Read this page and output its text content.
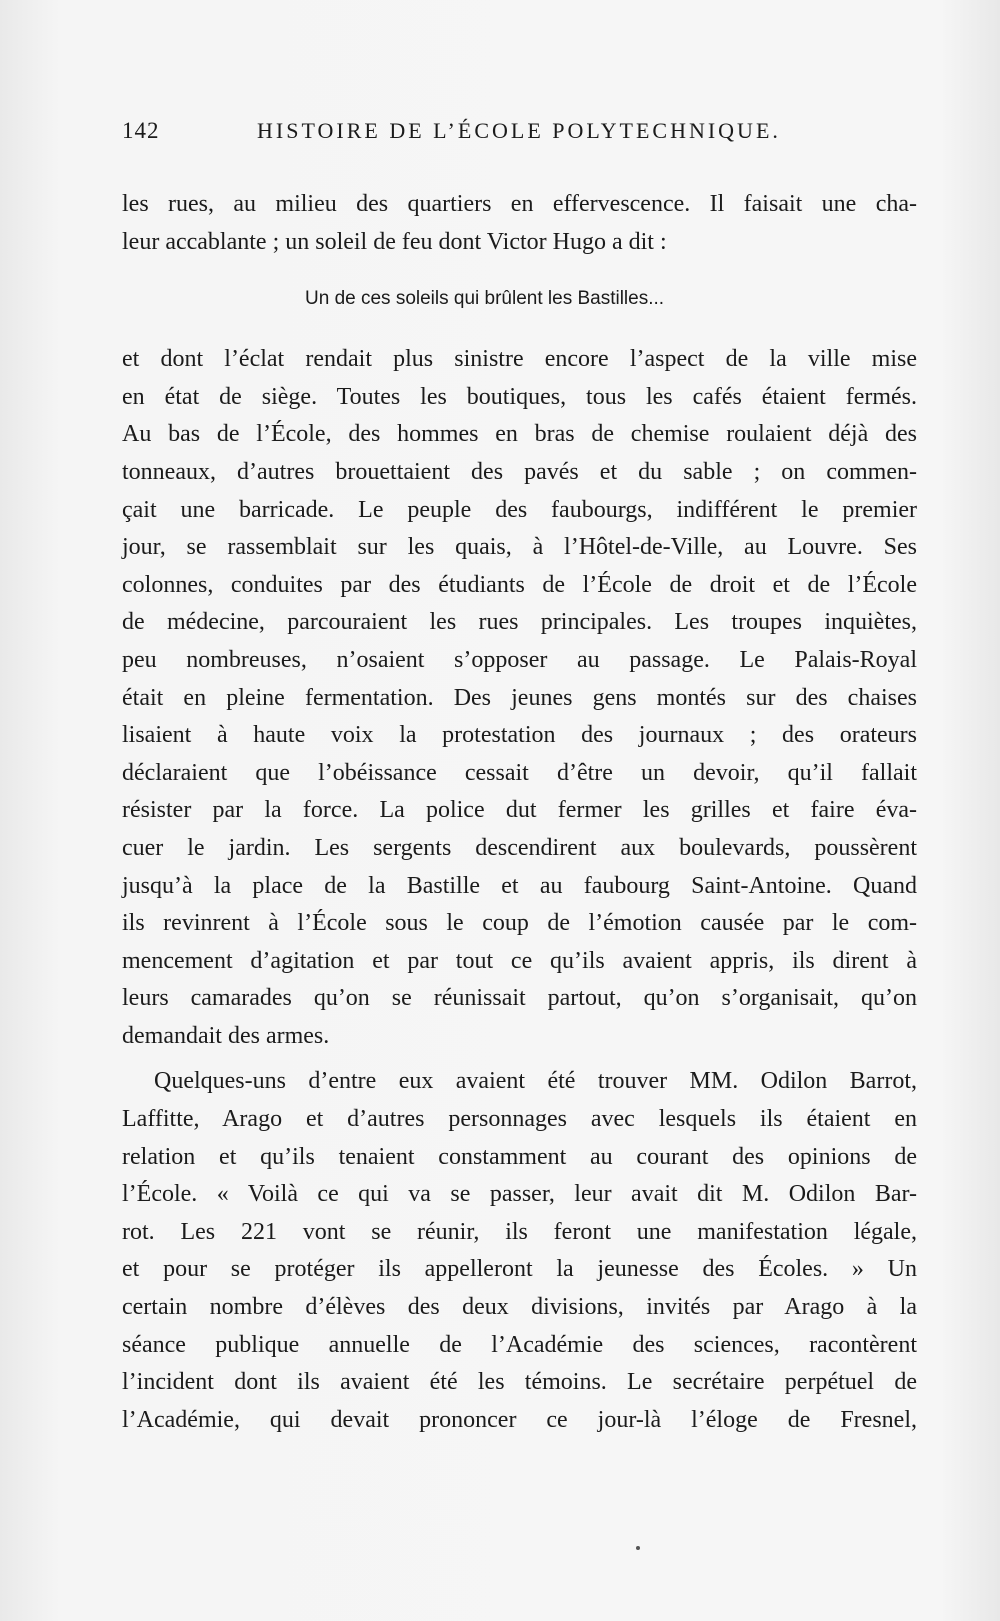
142	HISTOIRE DE L’ÉCOLE POLYTECHNIQUE.
les rues, au milieu des quartiers en effervescence. Il faisait une cha-
leur accablante ; un soleil de feu dont Victor Hugo a dit :
Un de ces soleils qui brûlent les Bastilles...
et dont l’éclat rendait plus sinistre encore l’aspect de la ville mise
en état de siège. Toutes les boutiques, tous les cafés étaient fermés.
Au bas de l’École, des hommes en bras de chemise roulaient déjà des
tonneaux, d’autres brouettaient des pavés et du sable ; on commen-
çait une barricade. Le peuple des faubourgs, indifférent le premier
jour, se rassemblait sur les quais, à l’Hôtel-de-Ville, au Louvre. Ses
colonnes, conduites par des étudiants de l’École de droit et de l’École
de médecine, parcouraient les rues principales. Les troupes inquiètes,
peu nombreuses, n’osaient s’opposer au passage. Le Palais-Royal
était en pleine fermentation. Des jeunes gens montés sur des chaises
lisaient à haute voix la protestation des journaux ; des orateurs
déclaraient que l’obéissance cessait d’être un devoir, qu’il fallait
résister par la force. La police dut fermer les grilles et faire éva-
cuer le jardin. Les sergents descendirent aux boulevards, poussèrent
jusqu’à la place de la Bastille et au faubourg Saint-Antoine. Quand
ils revinrent à l’École sous le coup de l’émotion causée par le com-
mencement d’agitation et par tout ce qu’ils avaient appris, ils dirent à
leurs camarades qu’on se réunissait partout, qu’on s’organisait, qu’on
demandait des armes.
Quelques-uns d’entre eux avaient été trouver MM. Odilon Barrot,
Laffitte, Arago et d’autres personnages avec lesquels ils étaient en
relation et qu’ils tenaient constamment au courant des opinions de
l’École. « Voilà ce qui va se passer, leur avait dit M. Odilon Bar-
rot. Les 221 vont se réunir, ils feront une manifestation légale,
et pour se protéger ils appelleront la jeunesse des Écoles. » Un
certain nombre d’élèves des deux divisions, invités par Arago à la
séance publique annuelle de l’Académie des sciences, racontèrent
l’incident dont ils avaient été les témoins. Le secrétaire perpétuel de
l’Académie, qui devait prononcer ce jour-là l’éloge de Fresnel,
